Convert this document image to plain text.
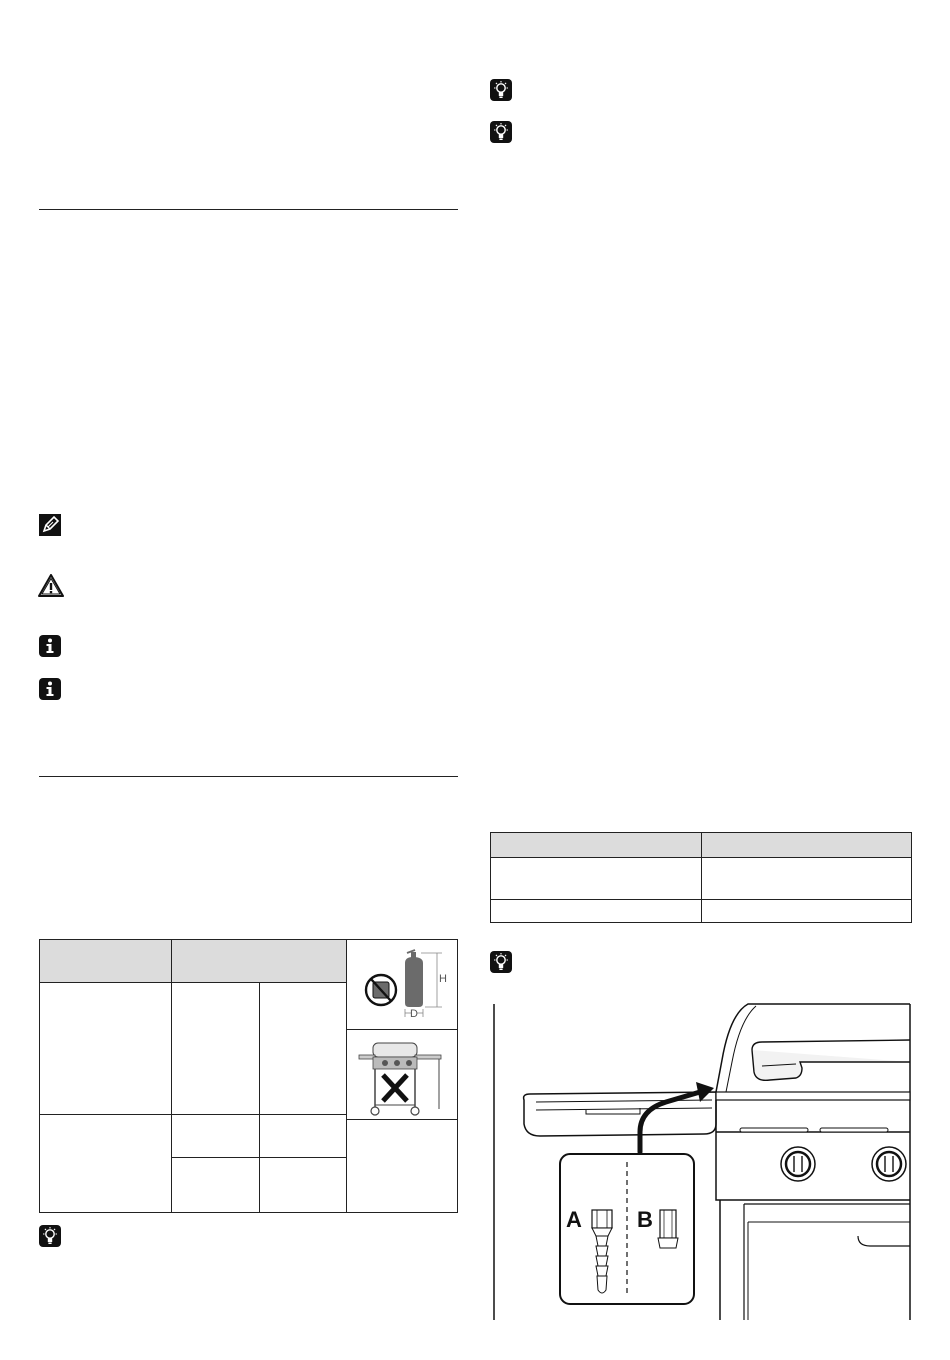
H
D

A	B
